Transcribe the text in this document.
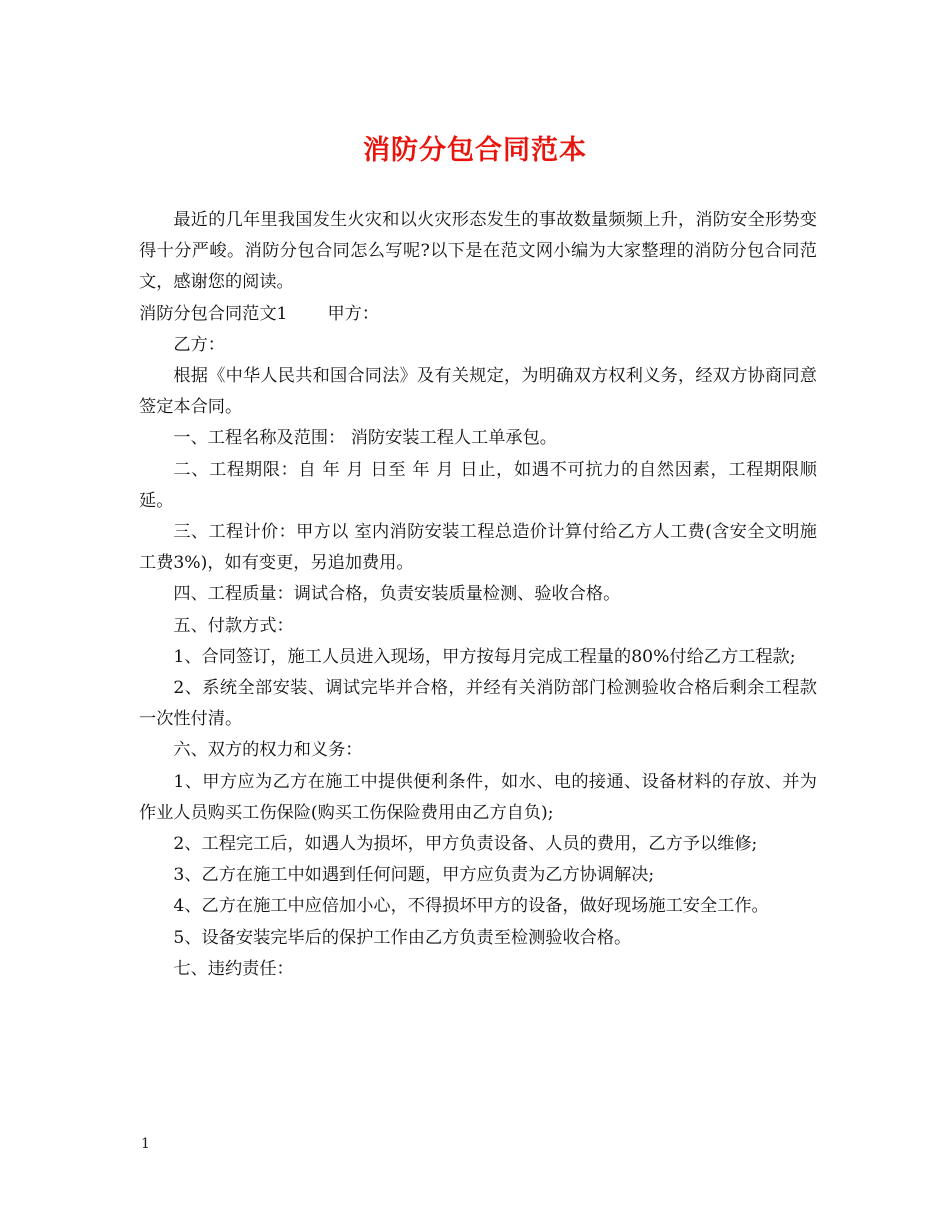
消防分包合同范本

最近的几年里我国发生火灾和以火灾形态发生的事故数量频频上升，消防安全形势变得十分严峻。消防分包合同怎么写呢?以下是在范文网小编为大家整理的消防分包合同范文，感谢您的阅读。

消防分包合同范文1 甲方：

乙方：

根据《中华人民共和国合同法》及有关规定，为明确双方权利义务，经双方协商同意签定本合同。

一、工程名称及范围： 消防安装工程人工单承包。

二、工程期限：自 年 月 日至 年 月 日止，如遇不可抗力的自然因素，工程期限顺延。

三、工程计价：甲方以 室内消防安装工程总造价计算付给乙方人工费(含安全文明施工费3%)，如有变更，另追加费用。

四、工程质量：调试合格，负责安装质量检测、验收合格。

五、付款方式：

1、合同签订，施工人员进入现场，甲方按每月完成工程量的80%付给乙方工程款;

2、系统全部安装、调试完毕并合格，并经有关消防部门检测验收合格后剩余工程款一次性付清。

六、双方的权力和义务：

1、甲方应为乙方在施工中提供便利条件，如水、电的接通、设备材料的存放、并为作业人员购买工伤保险(购买工伤保险费用由乙方自负);

2、工程完工后，如遇人为损坏，甲方负责设备、人员的费用，乙方予以维修;

3、乙方在施工中如遇到任何问题，甲方应负责为乙方协调解决;

4、乙方在施工中应倍加小心，不得损坏甲方的设备，做好现场施工安全工作。

5、设备安装完毕后的保护工作由乙方负责至检测验收合格。

七、违约责任：

1
